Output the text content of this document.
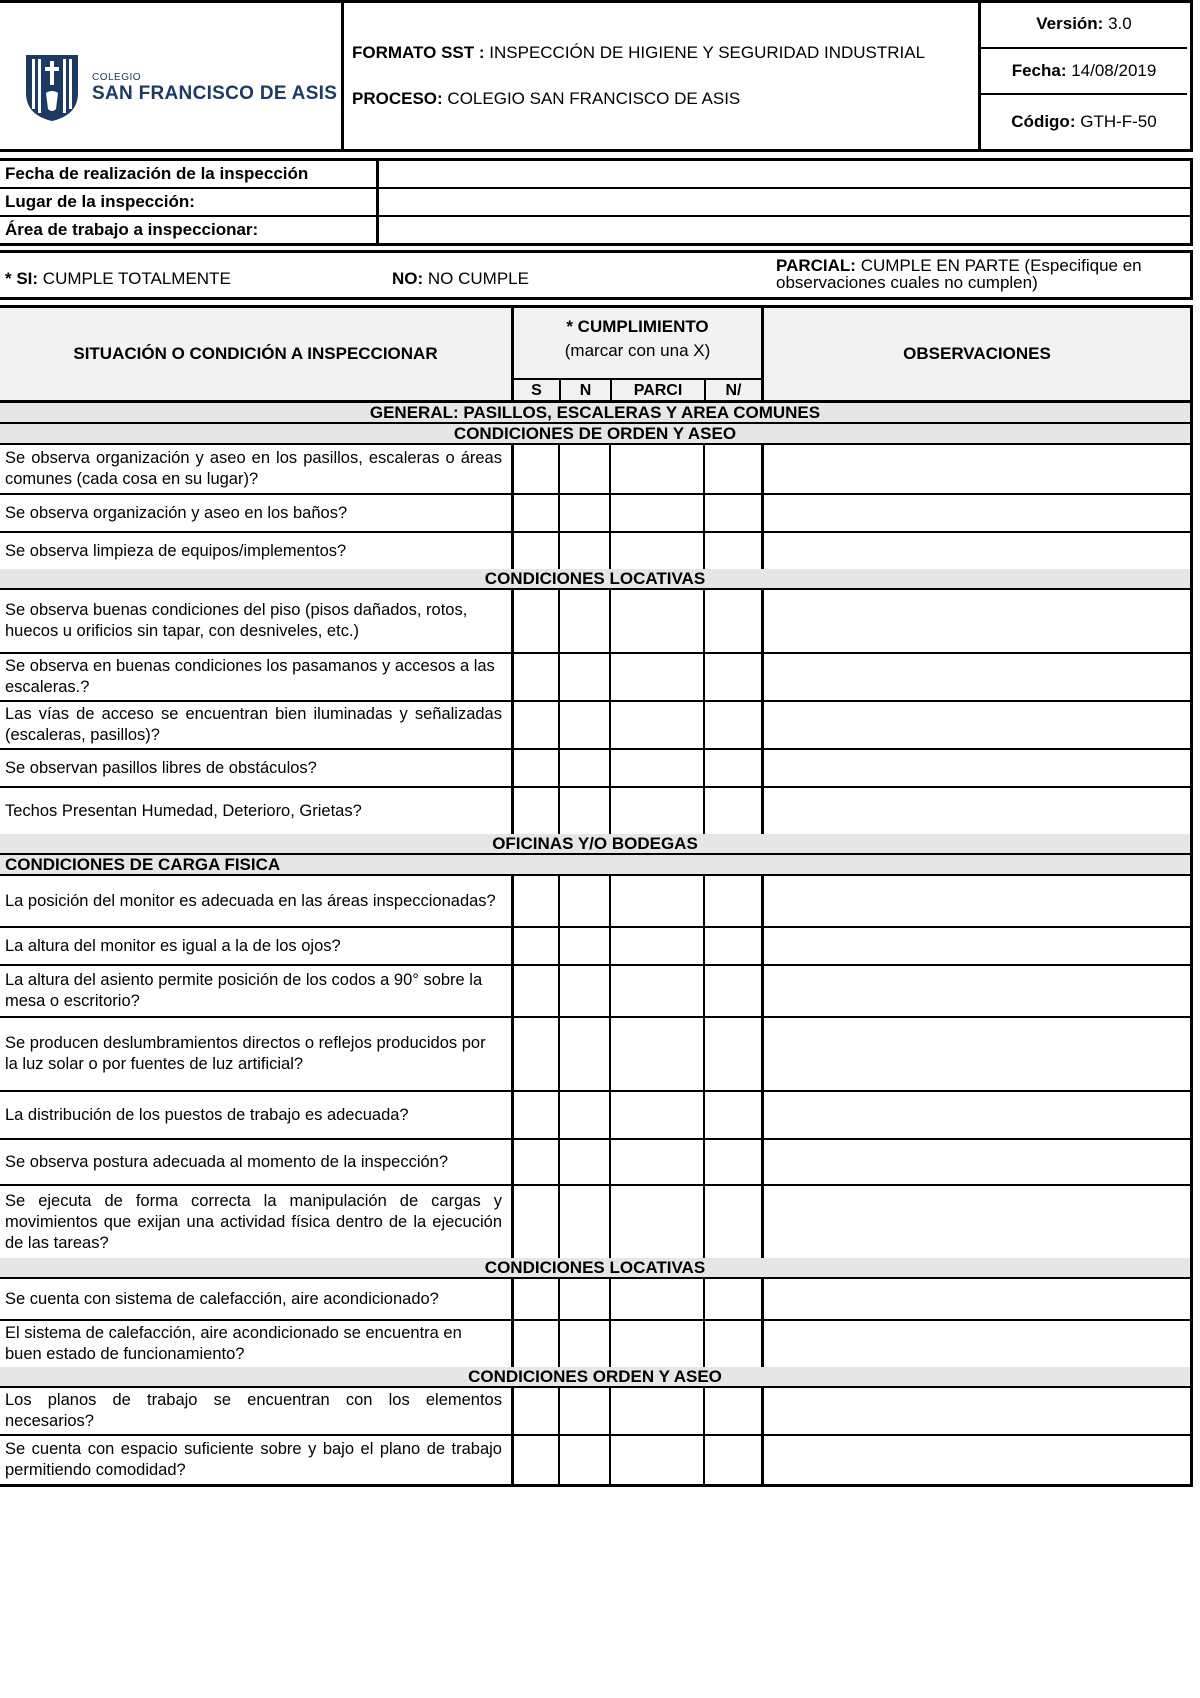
COLEGIO
SAN FRANCISCO DE ASIS
FORMATO SST : INSPECCIÓN DE HIGIENE Y SEGURIDAD INDUSTRIAL
PROCESO: COLEGIO SAN FRANCISCO DE ASIS
Versión: 3.0
Fecha: 14/08/2019
Código: GTH-F-50
Fecha de realización de la inspección
Lugar de la inspección:
Área de trabajo a inspeccionar:
* SI: CUMPLE TOTALMENTE	NO: NO CUMPLE
PARCIAL: CUMPLE EN PARTE (Especifique en observaciones cuales no cumplen)
SITUACIÓN O CONDICIÓN A INSPECCIONAR
* CUMPLIMIENTO
(marcar con una X)
S	N	PARCI	N/
OBSERVACIONES
GENERAL: PASILLOS, ESCALERAS Y AREA COMUNES
CONDICIONES DE ORDEN Y ASEO
Se observa organización y aseo en los pasillos, escaleras o áreas comunes (cada cosa en su lugar)?
Se observa organización y aseo en los baños?
Se observa limpieza de equipos/implementos?
CONDICIONES LOCATIVAS
Se observa buenas condiciones del piso (pisos dañados, rotos, huecos u orificios sin tapar, con desniveles, etc.)
Se observa en buenas condiciones los pasamanos y accesos a las escaleras.?
Las vías de acceso se encuentran bien iluminadas y señalizadas (escaleras, pasillos)?
Se observan pasillos libres de obstáculos?
Techos Presentan Humedad, Deterioro, Grietas?
OFICINAS Y/O BODEGAS
CONDICIONES DE CARGA FISICA
La posición del monitor es adecuada en las áreas inspeccionadas?
La altura del monitor es igual a la de los ojos?
La altura del asiento permite posición de los codos a 90° sobre la mesa o escritorio?
Se producen deslumbramientos directos o reflejos producidos por la luz solar o por fuentes de luz artificial?
La distribución de los puestos de trabajo es adecuada?
Se observa postura adecuada al momento de la inspección?
Se ejecuta de forma correcta la manipulación de cargas y movimientos que exijan una actividad física dentro de la ejecución de las tareas?
CONDICIONES LOCATIVAS
Se cuenta con sistema de calefacción, aire acondicionado?
El sistema de calefacción, aire acondicionado se encuentra en buen estado de funcionamiento?
CONDICIONES ORDEN Y ASEO
Los planos de trabajo se encuentran con los elementos necesarios?
Se cuenta con espacio suficiente sobre y bajo el plano de trabajo permitiendo comodidad?
